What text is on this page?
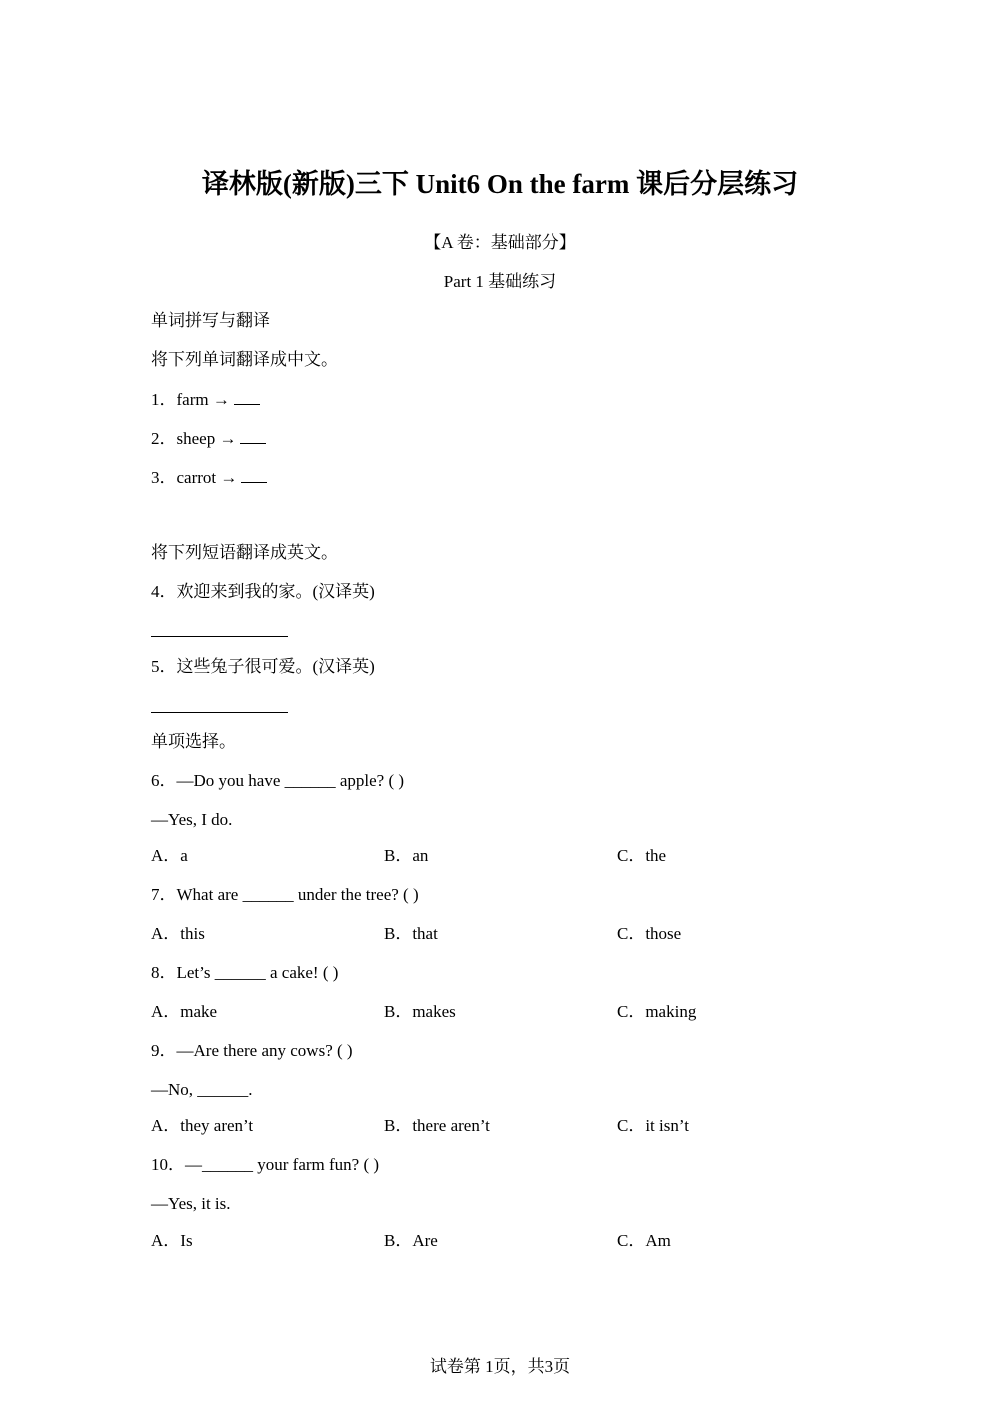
译林版(新版)三下 Unit6 On the farm 课后分层练习
【A 卷：基础部分】
Part 1 基础练习
单词拼写与翻译
将下列单词翻译成中文。
1．farm →
2．sheep →
3．carrot →
将下列短语翻译成英文。
4．欢迎来到我的家。(汉译英)
5．这些兔子很可爱。(汉译英)
单项选择。
6．—Do you have ______ apple? ( )
—Yes, I do.
A．a	B．an	C．the
7．What are ______ under the tree? ( )
A．this	B．that	C．those
8．Let’s ______ a cake! ( )
A．make	B．makes	C．making
9．—Are there any cows? ( )
—No, ______.
A．they aren’t	B．there aren’t	C．it isn’t
10．—______ your farm fun? ( )
—Yes, it is.
A．Is	B．Are	C．Am
试卷第 1页，共3页
